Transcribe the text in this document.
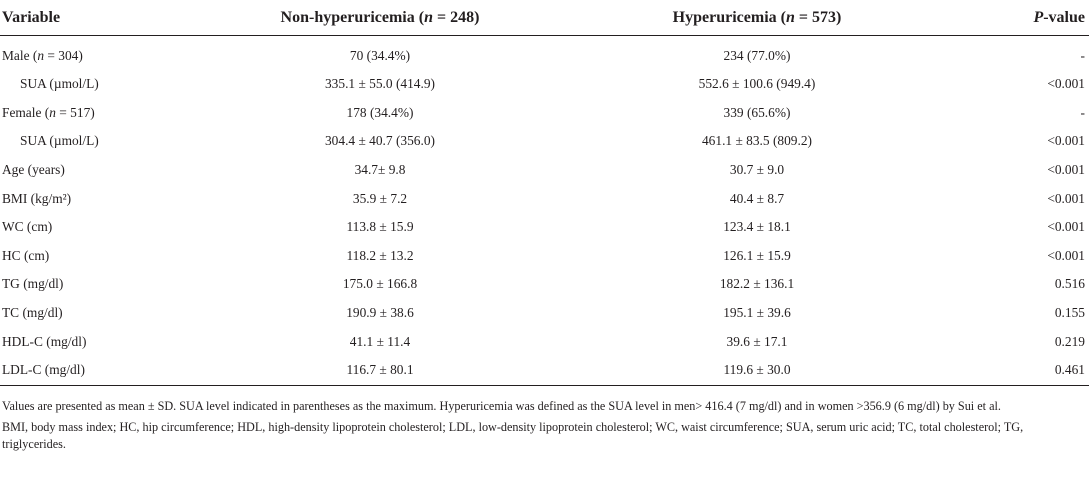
Variable	Non-hyperuricemia (n = 248)	Hyperuricemia (n = 573)	P-value
Male (n = 304)	70 (34.4%)	234 (77.0%)	-
SUA (µmol/L)	335.1 ± 55.0 (414.9)	552.6 ± 100.6 (949.4)	<0.001
Female (n = 517)	178 (34.4%)	339 (65.6%)	-
SUA (µmol/L)	304.4 ± 40.7 (356.0)	461.1 ± 83.5 (809.2)	<0.001
Age (years)	34.7± 9.8	30.7 ± 9.0	<0.001
BMI (kg/m²)	35.9 ± 7.2	40.4 ± 8.7	<0.001
WC (cm)	113.8 ± 15.9	123.4 ± 18.1	<0.001
HC (cm)	118.2 ± 13.2	126.1 ± 15.9	<0.001
TG (mg/dl)	175.0 ± 166.8	182.2 ± 136.1	0.516
TC (mg/dl)	190.9 ± 38.6	195.1 ± 39.6	0.155
HDL-C (mg/dl)	41.1 ± 11.4	39.6 ± 17.1	0.219
LDL-C (mg/dl)	116.7 ± 80.1	119.6 ± 30.0	0.461

Values are presented as mean ± SD. SUA level indicated in parentheses as the maximum. Hyperuricemia was defined as the SUA level in men> 416.4 (7 mg/dl) and in women >356.9 (6 mg/dl) by Sui et al.

BMI, body mass index; HC, hip circumference; HDL, high-density lipoprotein cholesterol; LDL, low-density lipoprotein cholesterol; WC, waist circumference; SUA, serum uric acid; TC, total cholesterol; TG, triglycerides.
